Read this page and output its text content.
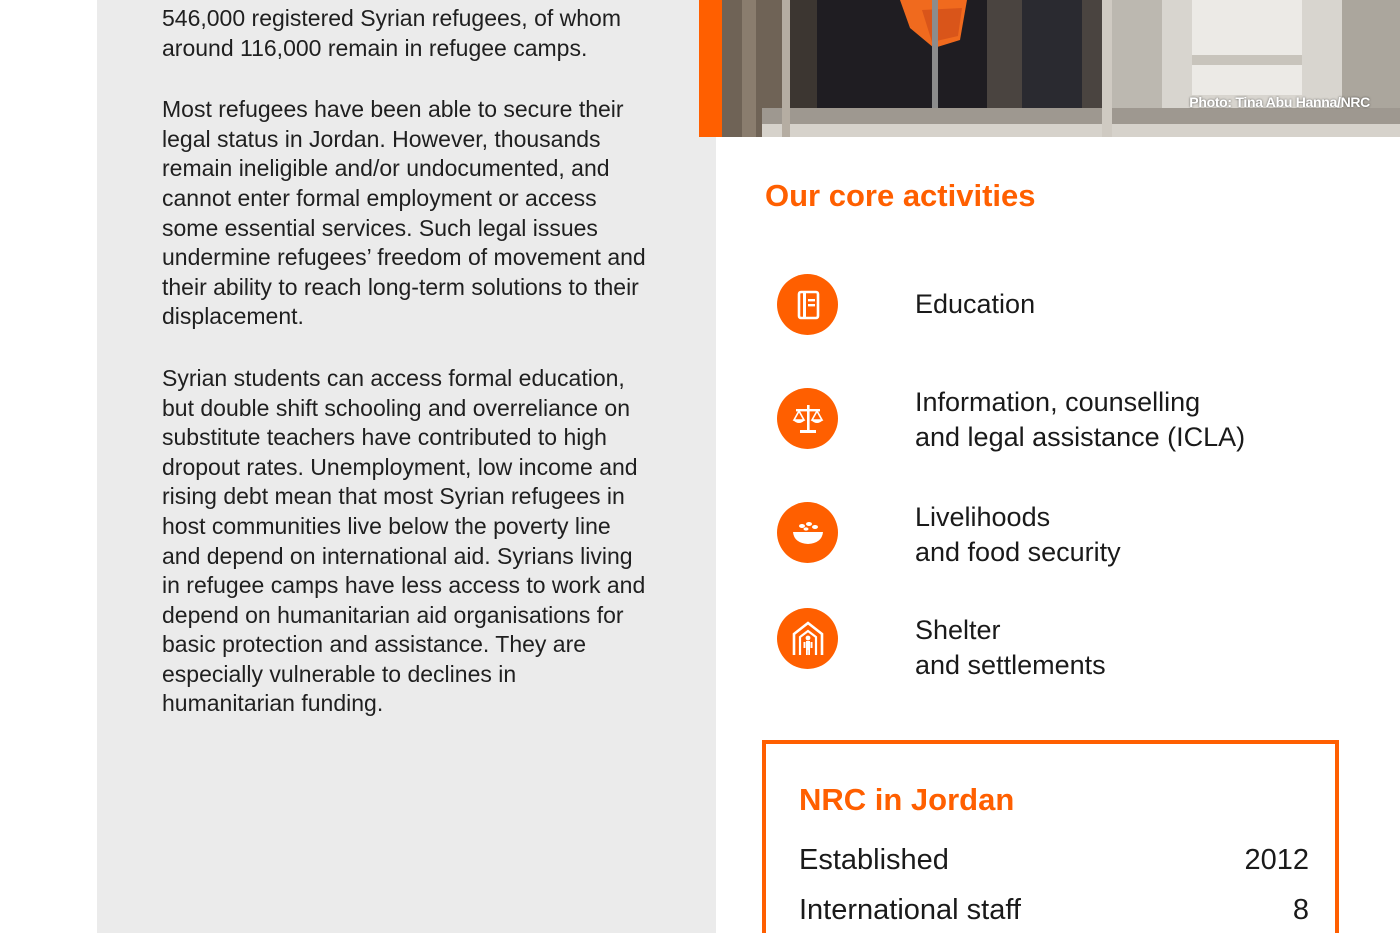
546,000 registered Syrian refugees, of whom around 116,000 remain in refugee camps.

Most refugees have been able to secure their legal status in Jordan. However, thousands remain ineligible and/or undocumented, and cannot enter formal employment or access some essential services. Such legal issues undermine refugees’ freedom of movement and their ability to reach long-term solutions to their displacement.

Syrian students can access formal education, but double shift schooling and overreliance on substitute teachers have contributed to high dropout rates. Unemployment, low income and rising debt mean that most Syrian refugees in host communities live below the poverty line and depend on international aid. Syrians living in refugee camps have less access to work and depend on humanitarian aid organisations for basic protection and assistance. They are especially vulnerable to declines in humanitarian funding.

Photo: Tina Abu Hanna/NRC
Our core activities
Education
Information, counselling
and legal assistance (ICLA)
Livelihoods
and food security
Shelter
and settlements
NRC in Jordan
Established	2012
International staff	8
